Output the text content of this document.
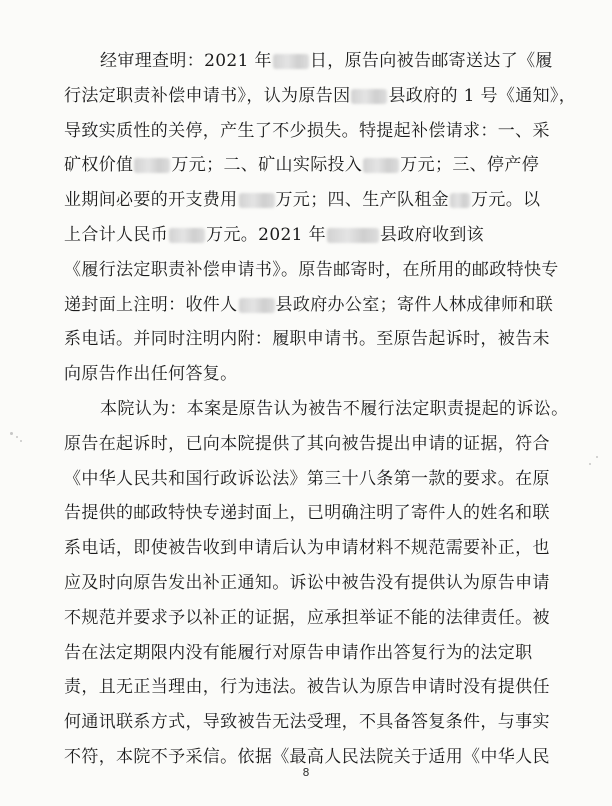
经审理查明：2021 年 日，原告向被告邮寄送达了《履
行法定职责补偿申请书》，认为原告因 县政府的 1 号《通知》，
导致实质性的关停，产生了不少损失。特提起补偿请求：一、采
矿权价值 万元；二、矿山实际投入 万元；三、停产停
业期间必要的开支费用 万元；四、生产队租金 万元。以
上合计人民币 万元。2021 年	县政府收到该
《履行法定职责补偿申请书》。原告邮寄时，在所用的邮政特快专
递封面上注明：收件人 县政府办公室；寄件人林成律师和联
系电话。并同时注明内附：履职申请书。至原告起诉时，被告未
向原告作出任何答复。
本院认为：本案是原告认为被告不履行法定职责提起的诉讼。
原告在起诉时，已向本院提供了其向被告提出申请的证据，符合
《中华人民共和国行政诉讼法》第三十八条第一款的要求。在原
告提供的邮政特快专递封面上，已明确注明了寄件人的姓名和联
系电话，即使被告收到申请后认为申请材料不规范需要补正，也
应及时向原告发出补正通知。诉讼中被告没有提供认为原告申请
不规范并要求予以补正的证据，应承担举证不能的法律责任。被
告在法定期限内没有能履行对原告申请作出答复行为的法定职
责，且无正当理由，行为违法。被告认为原告申请时没有提供任
何通讯联系方式，导致被告无法受理，不具备答复条件，与事实
不符，本院不予采信。依据《最高人民法院关于适用《中华人民
8
